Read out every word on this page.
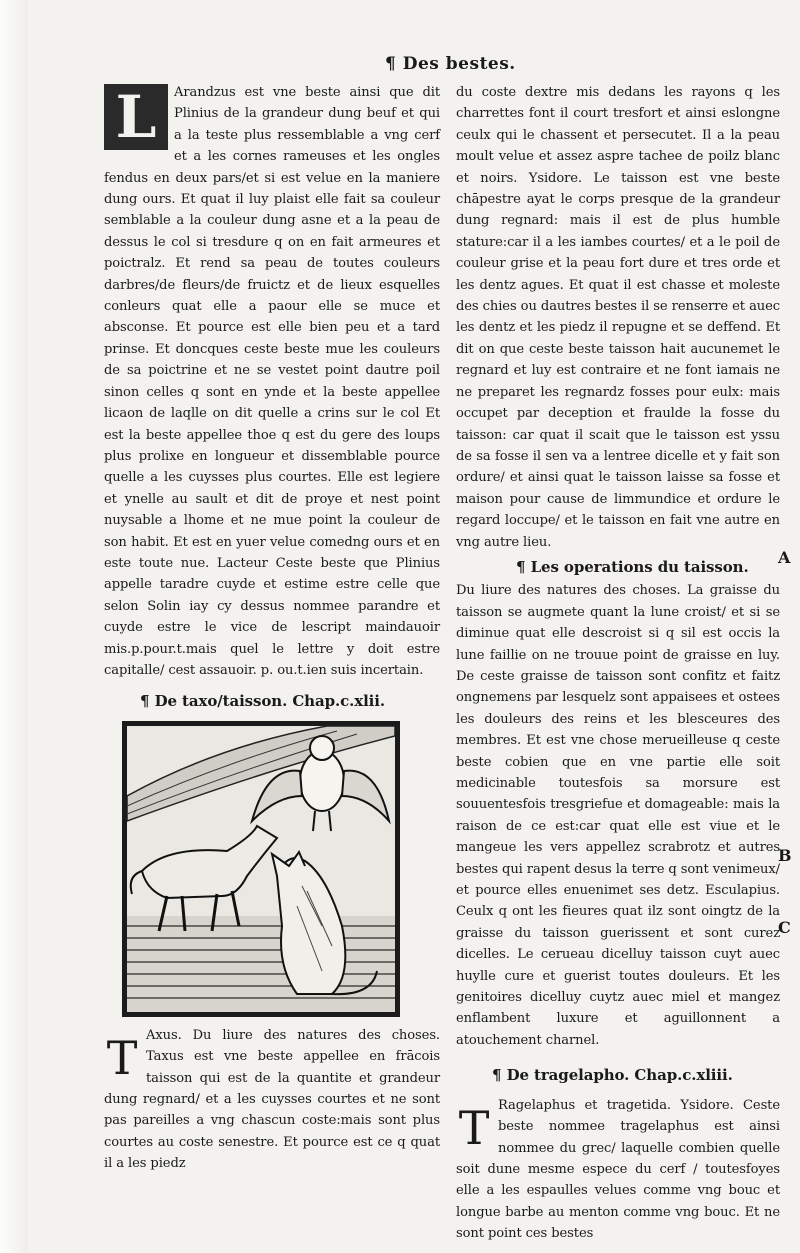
¶ Des bestes.
L	Arandzus est vne beste ainsi que dit Plinius de la grandeur dung beuf et qui a la teste plus ressemblable a vng cerf et a les cornes rameuses et les ongles fendus en deux pars/et si est velue en la maniere dung ours. Et quat il luy plaist elle fait sa couleur semblable a la couleur dung asne et a la peau de dessus le col si tresdure q on en fait armeures et poictralz. Et rend sa peau de toutes couleurs darbres/de fleurs/de fruictz et de lieux esquelles conleurs quat elle a paour elle se muce et absconse. Et pource est elle bien peu et a tard prinse. Et doncques ceste beste mue les couleurs de sa poictrine et ne se vestet point dautre poil sinon celles q sont en ynde et la beste appellee licaon de laqlle on dit quelle a crins sur le col Et est la beste appellee thoe q est du gere des loups plus prolixe en longueur et dissemblable pource quelle a les cuysses plus courtes. Elle est legiere et ynelle au sault et dit de proye et nest point nuysable a lhome et ne mue point la couleur de son habit. Et est en yuer velue comedng ours et en este toute nue. Lacteur Ceste beste que Plinius appelle taradre cuyde et estime estre celle que selon Solin iay cy dessus nommee parandre et cuyde estre le vice de lescript maindauoir mis.p.pour.t.mais quel le lettre y doit estre capitalle/ cest assauoir. p. ou.t.ien suis incertain.

¶ De taxo/taisson. Chap.c.xlii.
T Axus. Du liure des natures des choses. Taxus est vne beste appellee en frācois taisson qui est de la quantite et grandeur dung regnard/ et a les cuysses courtes et ne sont pas pareilles a vng chascun coste:mais sont plus courtes au coste senestre. Et pource est ce q quat il a les piedz

du coste dextre mis dedans les rayons q les charrettes font il court tresfort et ainsi eslongne ceulx qui le chassent et persecutet. Il a la peau moult velue et assez aspre tachee de poilz blanc et noirs. Ysidore. Le taisson est vne beste chāpestre ayat le corps presque de la grandeur dung regnard: mais il est de plus humble stature:car il a les iambes courtes/ et a le poil de couleur grise et la peau fort dure et tres orde et les dentz agues. Et quat il est chasse et moleste des chies ou dautres bestes il se renserre et auec les dentz et les piedz il repugne et se deffend. Et dit on que ceste beste taisson hait aucunemet le regnard et luy est contraire et ne font iamais ne ne preparet les regnardz fosses pour eulx: mais occupet par deception et fraulde la fosse du taisson: car quat il scait que le taisson est yssu de sa fosse il sen va a lentree dicelle et y fait son ordure/ et ainsi quat le taisson laisse sa fosse et maison pour cause de limmundice et ordure le regard loccupe/ et le taisson en fait vne autre en vng autre lieu.

¶ Les operations du taisson.

Du liure des natures des choses. La graisse du taisson se augmete quant la lune croist/ et si se diminue quat elle descroist si q sil est occis la lune faillie on ne trouue point de graisse en luy. De ceste graisse de taisson sont confitz et faitz ongnemens par lesquelz sont appaisees et ostees les douleurs des reins et les blesceures des membres. Et est vne chose merueilleuse q ceste beste cobien que en vne partie elle soit medicinable toutesfois sa morsure est souuentesfois tresgriefue et domageable: mais la raison de ce est:car quat elle est viue et le mangeue les vers appellez scrabrotz et autres bestes qui rapent desus la terre q sont venimeux/ et pource elles enuenimet ses detz. Esculapius. Ceulx q ont les fieures quat ilz sont oingtz de la graisse du taisson guerissent et sont curez dicelles. Le cerueau dicelluy taisson cuyt auec huylle cure et guerist toutes douleurs. Et les genitoires dicelluy cuytz auec miel et mangez enflambent luxure et aguillonnent a atouchement charnel.

¶ De tragelapho. Chap.c.xliii.
T Ragelaphus et tragetida. Ysidore. Ceste beste nommee tragelaphus est ainsi nommee du grec/ laquelle combien quelle soit dune mesme espece du cerf / toutesfoyes elle a les espaulles velues comme vng bouc et longue barbe au menton comme vng bouc. Et ne sont point ces bestes

A
B
C
